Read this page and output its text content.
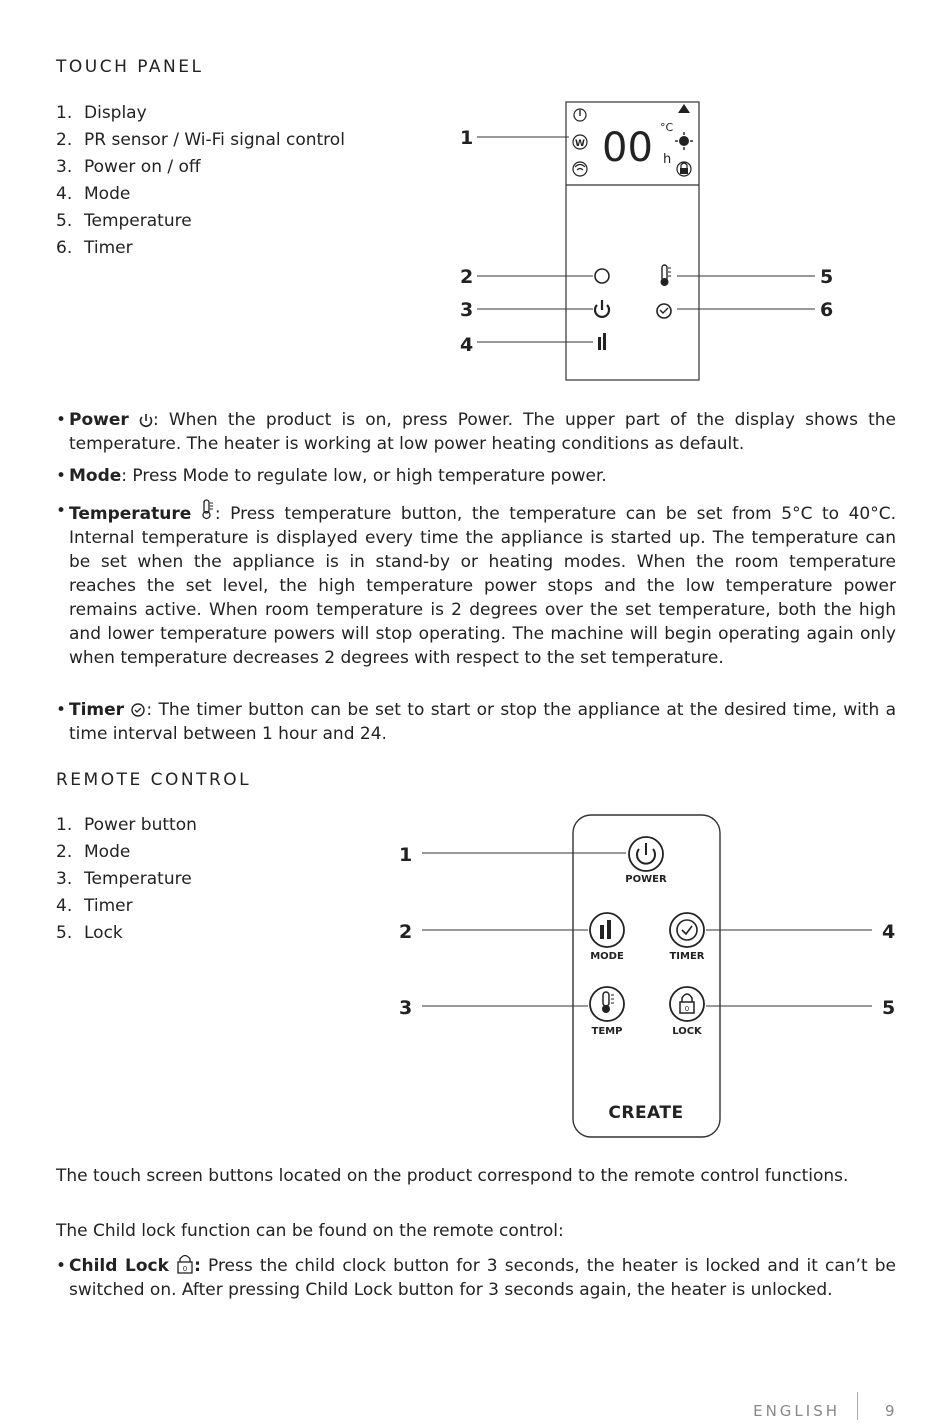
TOUCH PANEL
1. Display
2. PR sensor / Wi-Fi signal control
3. Power on / off
4. Mode
5. Temperature
6. Timer
W 00 °C
h
1
2
3
4
5
6

• Power : When the product is on, press Power. The upper part of the display shows the temperature. The heater is working at low power heating conditions as default.

• Mode: Press Mode to regulate low, or high temperature power.

• Temperature : Press temperature button, the temperature can be set from 5°C to 40°C. Internal temperature is displayed every time the appliance is started up. The temperature can be set when the appliance is in stand-by or heating modes. When the room temperature reaches the set level, the high temperature power stops and the low temperature power remains active. When room temperature is 2 degrees over the set temperature, both the high and lower temperature powers will stop operating. The machine will begin operating again only when temperature decreases 2 degrees with respect to the set temperature.

• Timer : The timer button can be set to start or stop the appliance at the desired time, with a time interval between 1 hour and 24.

REMOTE CONTROL
1. Power button
2. Mode
3. Temperature
4. Timer
5. Lock
POWER
MODE	TIMER
TEMP
0
LOCK
CREATE
1
2
3
4
5

The touch screen buttons located on the product correspond to the remote control functions.

The Child lock function can be found on the remote control:

• Child Lock 0 : Press the child clock button for 3 seconds, the heater is locked and it can’t be switched on. After pressing Child Lock button for 3 seconds again, the heater is unlocked.

ENGLISH	9
